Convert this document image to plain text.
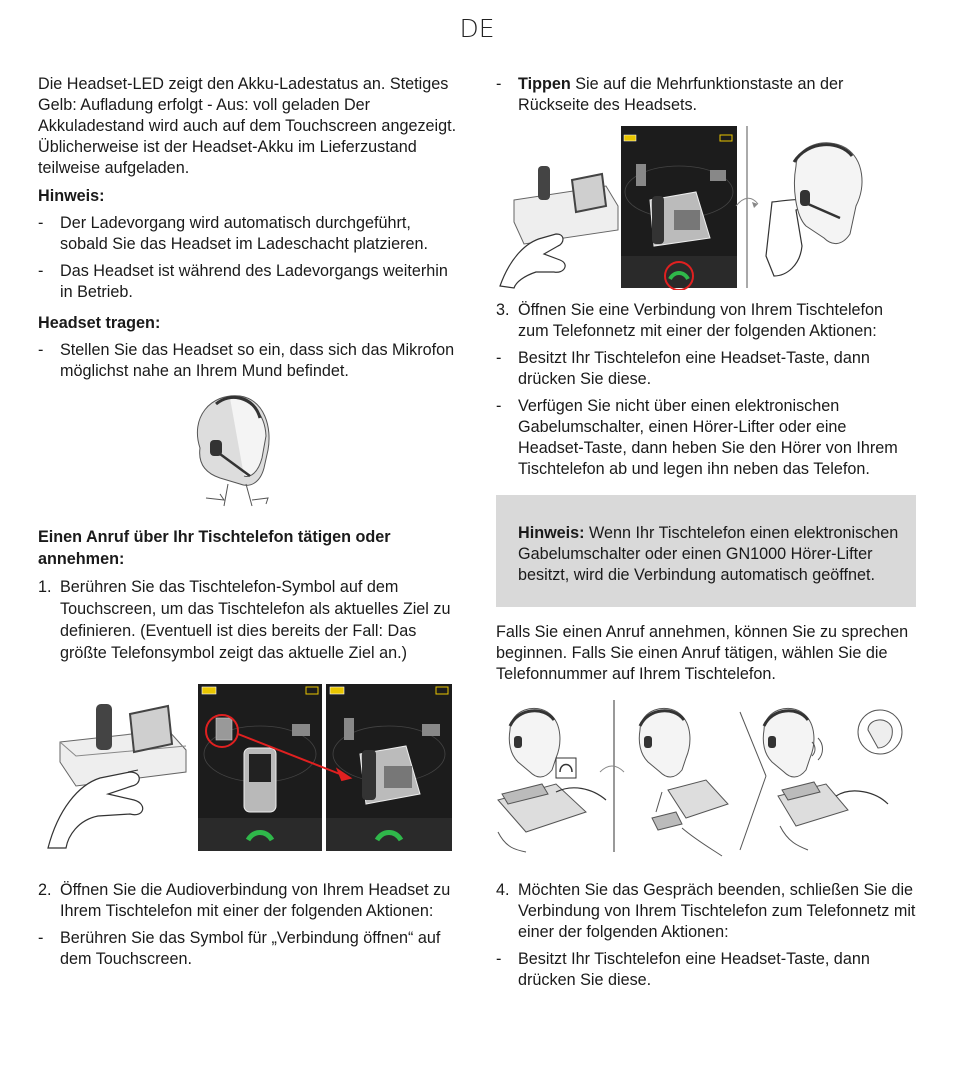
DE

Die Headset-LED zeigt den Akku-Ladestatus an. Stetiges Gelb: Aufladung erfolgt - Aus: voll geladen Der Akkuladestand wird auch auf dem Touchscreen angezeigt. Üblicherweise ist der Headset-Akku im Lieferzustand teilweise aufgeladen.

Hinweis:

- Der Ladevorgang wird automatisch durchgeführt, sobald Sie das Headset im Ladeschacht platzieren.
- Das Headset ist während des Ladevorgangs weiterhin in Betrieb.

Headset tragen:

- Stellen Sie das Headset so ein, dass sich das Mikrofon möglichst nahe an Ihrem Mund befindet.

Einen Anruf über Ihr Tischtelefon tätigen oder annehmen:

1. Berühren Sie das Tischtelefon-Symbol auf dem Touchscreen, um das Tischtelefon als aktuelles Ziel zu definieren. (Eventuell ist dies bereits der Fall: Das größte Telefonsymbol zeigt das aktuelle Ziel an.)
2. Öffnen Sie die Audioverbindung von Ihrem Headset zu Ihrem Tischtelefon mit einer der folgenden Aktionen:
- Berühren Sie das Symbol für „Verbindung öffnen“ auf dem Touchscreen.
- Tippen Sie auf die Mehrfunktionstaste an der Rückseite des Headsets.
3. Öffnen Sie eine Verbindung von Ihrem Tischtelefon zum Telefonnetz mit einer der folgenden Aktionen:
- Besitzt Ihr Tischtelefon eine Headset-Taste, dann drücken Sie diese.
- Verfügen Sie nicht über einen elektronischen Gabelumschalter, einen Hörer-Lifter oder eine Headset-Taste, dann heben Sie den Hörer von Ihrem Tischtelefon ab und legen ihn neben das Telefon.
Hinweis: Wenn Ihr Tischtelefon einen elektronischen Gabelumschalter oder einen GN1000 Hörer-Lifter besitzt, wird die Verbindung automatisch geöffnet.

Falls Sie einen Anruf annehmen, können Sie zu sprechen beginnen. Falls Sie einen Anruf tätigen, wählen Sie die Telefonnummer auf Ihrem Tischtelefon.

4. Möchten Sie das Gespräch beenden, schließen Sie die Verbindung von Ihrem Tischtelefon zum Telefonnetz mit einer der folgenden Aktionen:
- Besitzt Ihr Tischtelefon eine Headset-Taste, dann drücken Sie diese.
